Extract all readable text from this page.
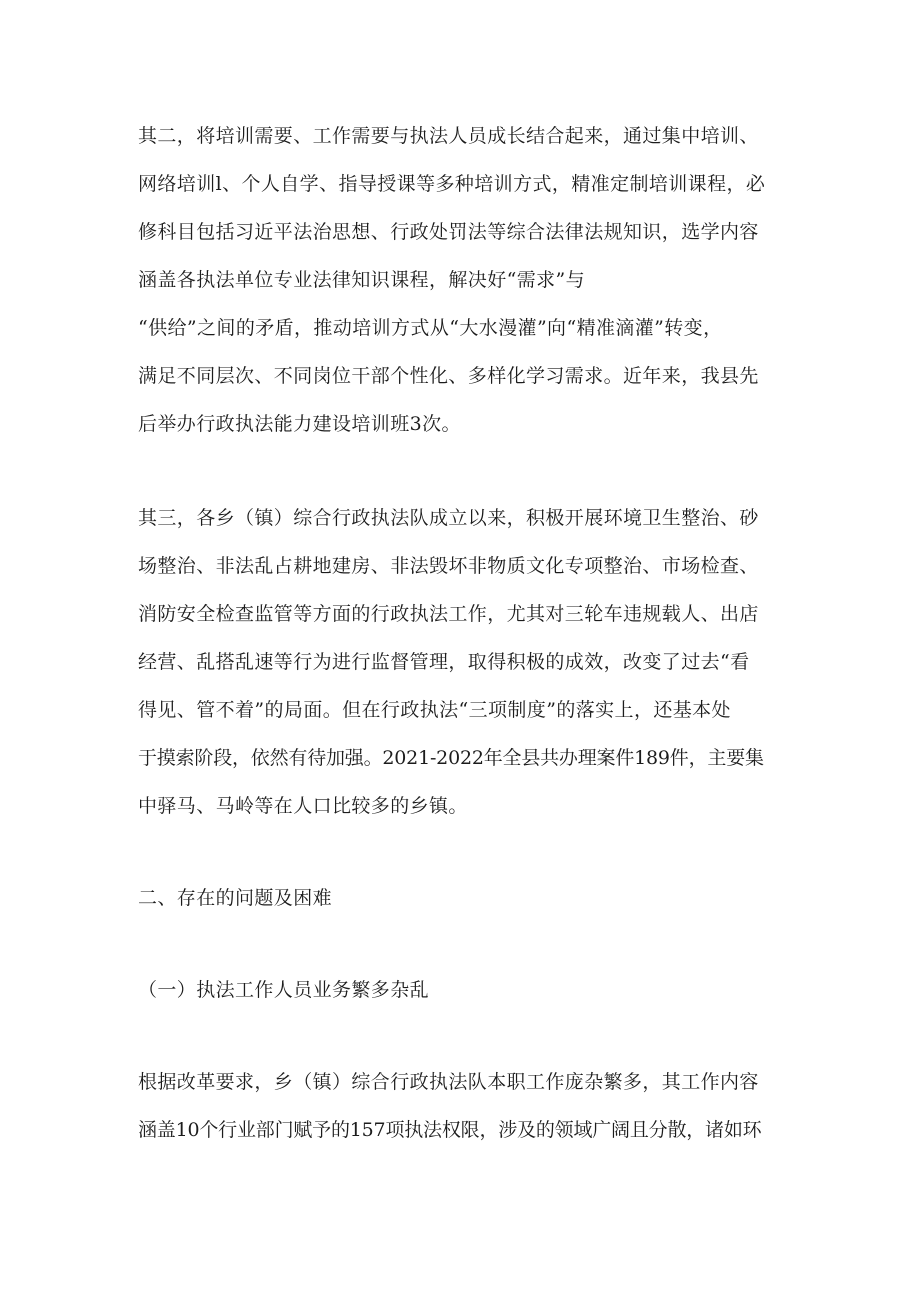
其二，将培训需要、工作需要与执法人员成长结合起来，通过集中培训、
网络培训l、个人自学、指导授课等多种培训方式，精准定制培训课程，必
修科目包括习近平法治思想、行政处罚法等综合法律法规知识，选学内容
涵盖各执法单位专业法律知识课程，解决好“需求”与
“供给”之间的矛盾，推动培训方式从“大水漫灌”向“精准滴灌”转变，
满足不同层次、不同岗位干部个性化、多样化学习需求。近年来，我县先
后举办行政执法能力建设培训班3次。
其三，各乡（镇）综合行政执法队成立以来，积极开展环境卫生整治、砂
场整治、非法乱占耕地建房、非法毁坏非物质文化专项整治、市场检查、
消防安全检查监管等方面的行政执法工作，尤其对三轮车违规载人、出店
经营、乱搭乱速等行为进行监督管理，取得积极的成效，改变了过去“看
得见、管不着”的局面。但在行政执法“三项制度”的落实上，还基本处
于摸索阶段，依然有待加强。2021-2022年全县共办理案件189件，主要集
中驿马、马岭等在人口比较多的乡镇。
二、存在的问题及困难
（一）执法工作人员业务繁多杂乱
根据改革要求，乡（镇）综合行政执法队本职工作庞杂繁多，其工作内容
涵盖10个行业部门赋予的157项执法权限，涉及的领域广阔且分散，诸如环
